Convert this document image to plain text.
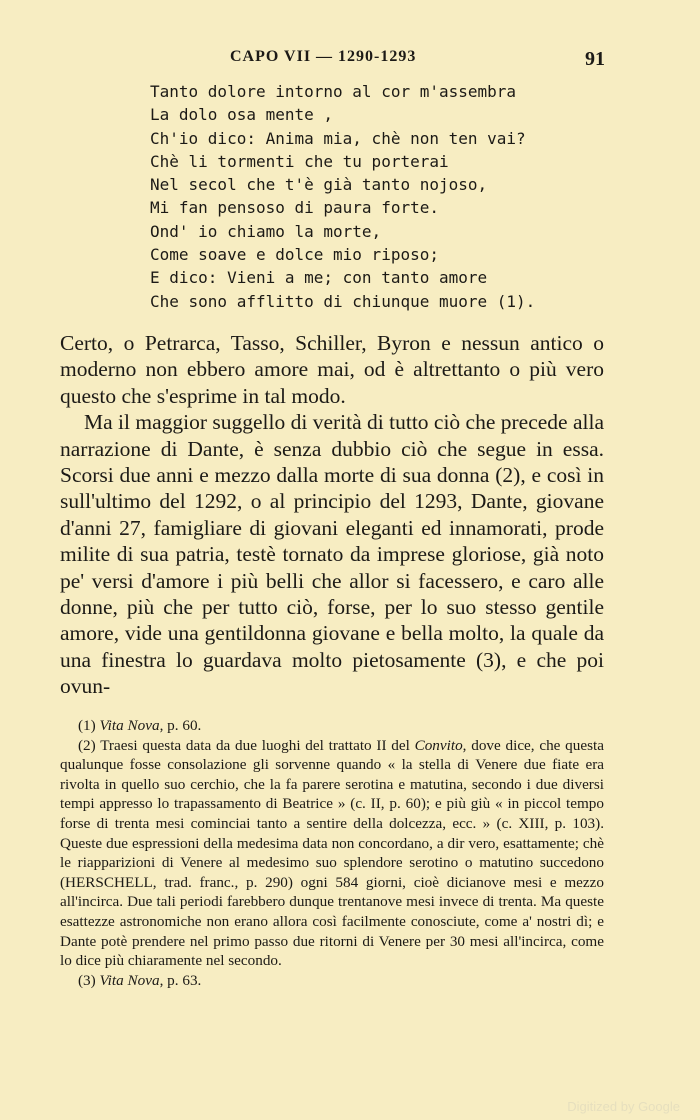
CAPO VII — 1290-1293	91
Tanto dolore intorno al cor m'assembra
La dolo osa mente ,
Ch'io dico: Anima mia, chè non ten vai?
Chè li tormenti che tu porterai
Nel secol che t'è già tanto nojoso,
Mi fan pensoso di paura forte.
Ond' io chiamo la morte,
Come soave e dolce mio riposo;
E dico: Vieni a me; con tanto amore
Che sono afflitto di chiunque muore (1).

Certo, o Petrarca, Tasso, Schiller, Byron e nessun antico o moderno non ebbero amore mai, od è altrettanto o più vero questo che s'esprime in tal modo.

Ma il maggior suggello di verità di tutto ciò che precede alla narrazione di Dante, è senza dubbio ciò che segue in essa. Scorsi due anni e mezzo dalla morte di sua donna (2), e così in sull'ultimo del 1292, o al principio del 1293, Dante, giovane d'anni 27, famigliare di giovani eleganti ed innamorati, prode milite di sua patria, testè tornato da imprese gloriose, già noto pe' versi d'amore i più belli che allor si facessero, e caro alle donne, più che per tutto ciò, forse, per lo suo stesso gentile amore, vide una gentildonna giovane e bella molto, la quale da una finestra lo guardava molto pietosamente (3), e che poi ovun-

(1) Vita Nova, p. 60.

(2) Traesi questa data da due luoghi del trattato II del Convito, dove dice, che questa qualunque fosse consolazione gli sorvenne quando « la stella di Venere due fiate era rivolta in quello suo cerchio, che la fa parere serotina e matutina, secondo i due diversi tempi appresso lo trapassamento di Beatrice » (c. II, p. 60); e più giù « in piccol tempo forse di trenta mesi cominciai tanto a sentire della dolcezza, ecc. » (c. XIII, p. 103). Queste due espressioni della medesima data non concordano, a dir vero, esattamente; chè le riapparizioni di Venere al medesimo suo splendore serotino o matutino succedono (HERSCHELL, trad. franc., p. 290) ogni 584 giorni, cioè dicianove mesi e mezzo all'incirca. Due tali periodi farebbero dunque trentanove mesi invece di trenta. Ma queste esattezze astronomiche non erano allora così facilmente conosciute, come a' nostri dì; e Dante potè prendere nel primo passo due ritorni di Venere per 30 mesi all'incirca, come lo dice più chiaramente nel secondo.

(3) Vita Nova, p. 63.

Digitized by Google
